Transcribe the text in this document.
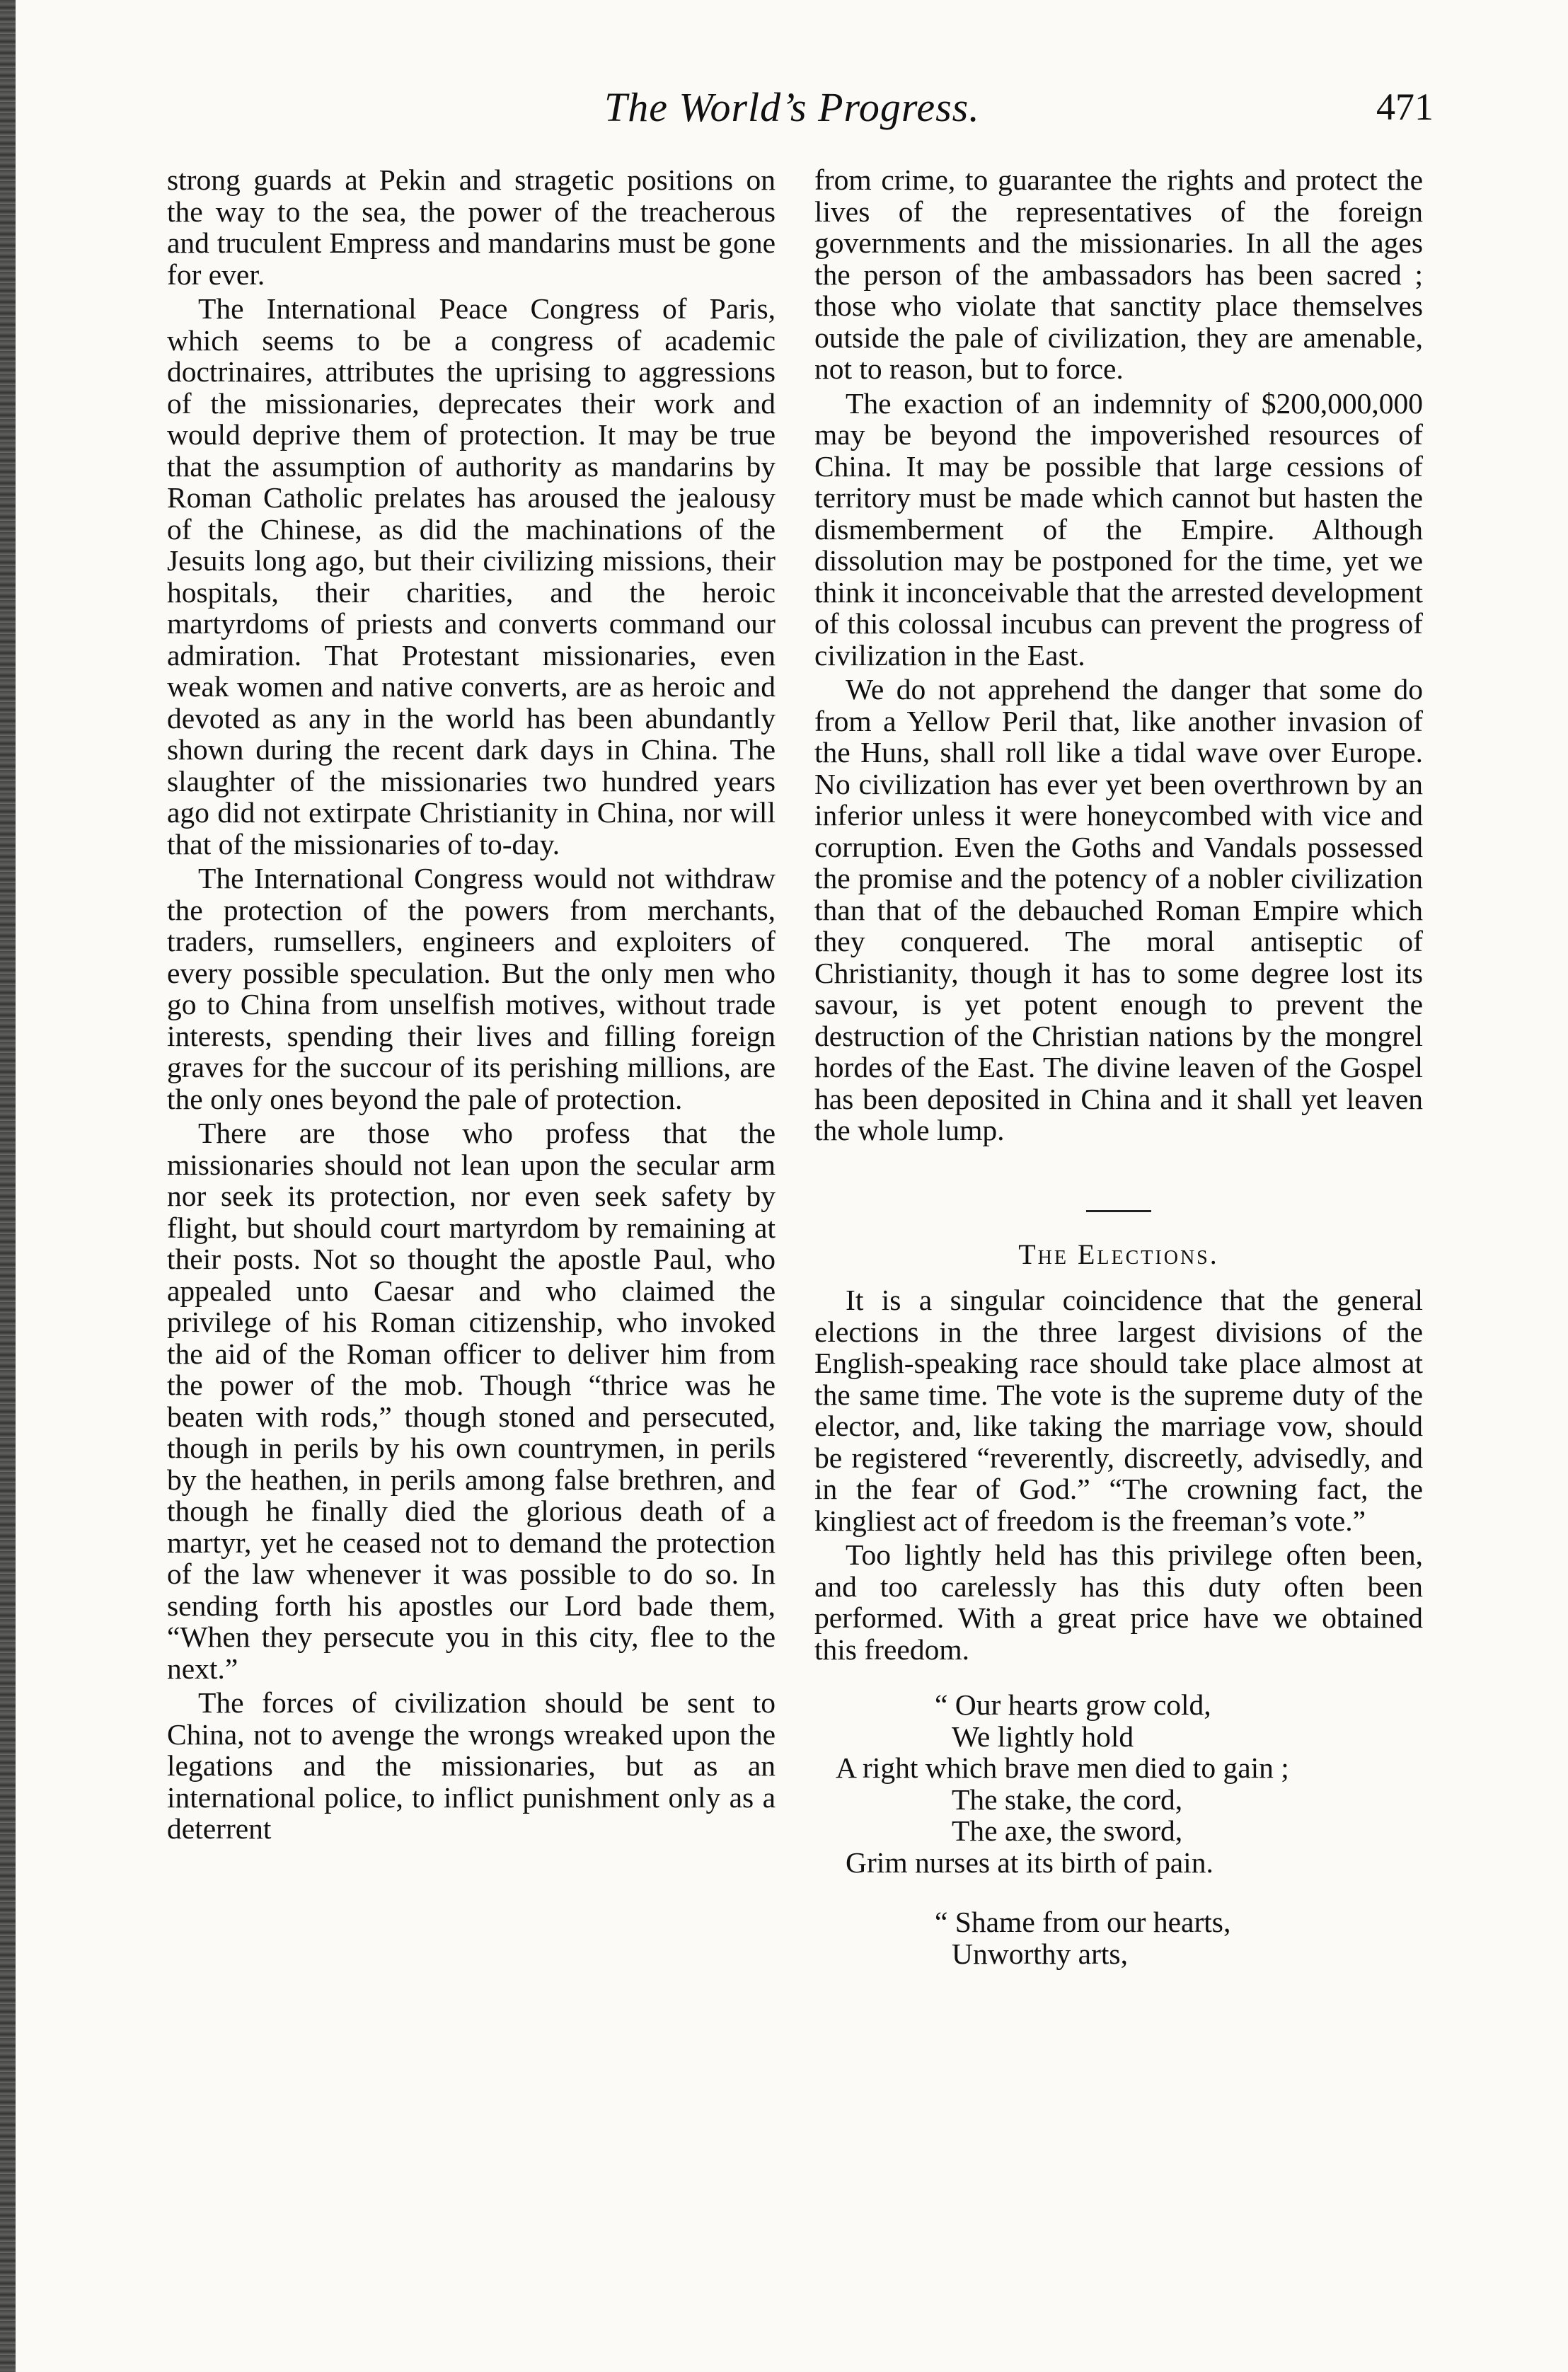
The World’s Progress.	471

strong guards at Pekin and stragetic positions on the way to the sea, the power of the treacherous and truculent Empress and mandarins must be gone for ever.

The International Peace Congress of Paris, which seems to be a congress of academic doctrinaires, attributes the uprising to aggressions of the missionaries, deprecates their work and would deprive them of protection. It may be true that the assumption of authority as mandarins by Roman Catholic prelates has aroused the jealousy of the Chinese, as did the machinations of the Jesuits long ago, but their civilizing missions, their hospitals, their charities, and the heroic martyrdoms of priests and converts command our admiration. That Protestant missionaries, even weak women and native converts, are as heroic and devoted as any in the world has been abundantly shown during the recent dark days in China. The slaughter of the missionaries two hundred years ago did not extirpate Christianity in China, nor will that of the missionaries of to-day.

The International Congress would not withdraw the protection of the powers from merchants, traders, rumsellers, engineers and exploiters of every possible speculation. But the only men who go to China from unselfish motives, without trade interests, spending their lives and filling foreign graves for the succour of its perishing millions, are the only ones beyond the pale of protection.

There are those who profess that the missionaries should not lean upon the secular arm nor seek its protection, nor even seek safety by flight, but should court martyrdom by remaining at their posts. Not so thought the apostle Paul, who appealed unto Caesar and who claimed the privilege of his Roman citizenship, who invoked the aid of the Roman officer to deliver him from the power of the mob. Though “thrice was he beaten with rods,” though stoned and persecuted, though in perils by his own countrymen, in perils by the heathen, in perils among false brethren, and though he finally died the glorious death of a martyr, yet he ceased not to demand the protection of the law whenever it was possible to do so. In sending forth his apostles our Lord bade them, “When they persecute you in this city, flee to the next.”

The forces of civilization should be sent to China, not to avenge the wrongs wreaked upon the legations and the missionaries, but as an international police, to inflict punishment only as a deterrent

from crime, to guarantee the rights and protect the lives of the representatives of the foreign governments and the missionaries. In all the ages the person of the ambassadors has been sacred ; those who violate that sanctity place themselves outside the pale of civilization, they are amenable, not to reason, but to force.

The exaction of an indemnity of $200,000,000 may be beyond the impoverished resources of China. It may be possible that large cessions of territory must be made which cannot but hasten the dismemberment of the Empire. Although dissolution may be postponed for the time, yet we think it inconceivable that the arrested development of this colossal incubus can prevent the progress of civilization in the East.

We do not apprehend the danger that some do from a Yellow Peril that, like another invasion of the Huns, shall roll like a tidal wave over Europe. No civilization has ever yet been overthrown by an inferior unless it were honeycombed with vice and corruption. Even the Goths and Vandals possessed the promise and the potency of a nobler civilization than that of the debauched Roman Empire which they conquered. The moral antiseptic of Christianity, though it has to some degree lost its savour, is yet potent enough to prevent the destruction of the Christian nations by the mongrel hordes of the East. The divine leaven of the Gospel has been deposited in China and it shall yet leaven the whole lump.

The Elections.

It is a singular coincidence that the general elections in the three largest divisions of the English-speaking race should take place almost at the same time. The vote is the supreme duty of the elector, and, like taking the marriage vow, should be registered “reverently, discreetly, advisedly, and in the fear of God.” “The crowning fact, the kingliest act of freedom is the freeman’s vote.”

Too lightly held has this privilege often been, and too carelessly has this duty often been performed. With a great price have we obtained this freedom.

“ Our hearts grow cold,
We lightly hold
A right which brave men died to gain ;
The stake, the cord,
The axe, the sword,
Grim nurses at its birth of pain.
“ Shame from our hearts,
Unworthy arts,
